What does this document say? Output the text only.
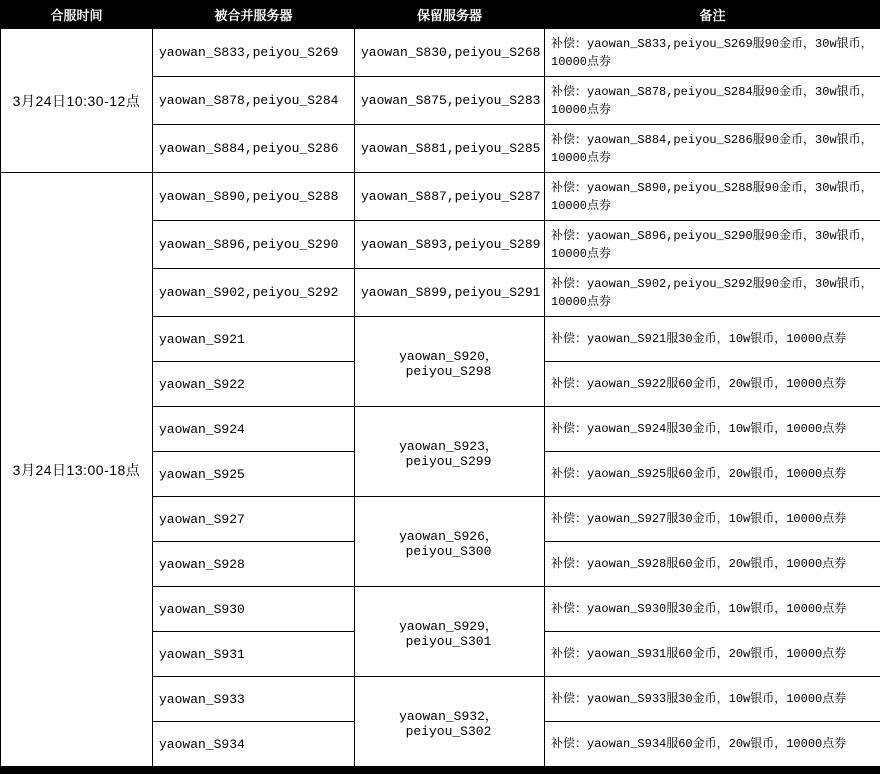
合服时间	被合并服务器	保留服务器	备注
3月24日10:30-12点	yaowan_S833,peiyou_S269	yaowan_S830,peiyou_S268	补偿：yaowan_S833,peiyou_S269服90金币，30w银币，10000点券
	yaowan_S878,peiyou_S284	yaowan_S875,peiyou_S283	补偿：yaowan_S878,peiyou_S284服90金币，30w银币，10000点券
	yaowan_S884,peiyou_S286	yaowan_S881,peiyou_S285	补偿：yaowan_S884,peiyou_S286服90金币，30w银币，10000点券
3月24日13:00-18点	yaowan_S890,peiyou_S288	yaowan_S887,peiyou_S287	补偿：yaowan_S890,peiyou_S288服90金币，30w银币，10000点券
	yaowan_S896,peiyou_S290	yaowan_S893,peiyou_S289	补偿：yaowan_S896,peiyou_S290服90金币，30w银币，10000点券
	yaowan_S902,peiyou_S292	yaowan_S899,peiyou_S291	补偿：yaowan_S902,peiyou_S292服90金币，30w银币，10000点券
	yaowan_S921	yaowan_S920，peiyou_S298	补偿：yaowan_S921服30金币，10w银币，10000点券
	yaowan_S922		补偿：yaowan_S922服60金币，20w银币，10000点券
	yaowan_S924	yaowan_S923，peiyou_S299	补偿：yaowan_S924服30金币，10w银币，10000点券
	yaowan_S925		补偿：yaowan_S925服60金币，20w银币，10000点券
	yaowan_S927	yaowan_S926，peiyou_S300	补偿：yaowan_S927服30金币，10w银币，10000点券
	yaowan_S928		补偿：yaowan_S928服60金币，20w银币，10000点券
	yaowan_S930	yaowan_S929，peiyou_S301	补偿：yaowan_S930服30金币，10w银币，10000点券
	yaowan_S931		补偿：yaowan_S931服60金币，20w银币，10000点券
	yaowan_S933	yaowan_S932，peiyou_S302	补偿：yaowan_S933服30金币，10w银币，10000点券
	yaowan_S934		补偿：yaowan_S934服60金币，20w银币，10000点券
